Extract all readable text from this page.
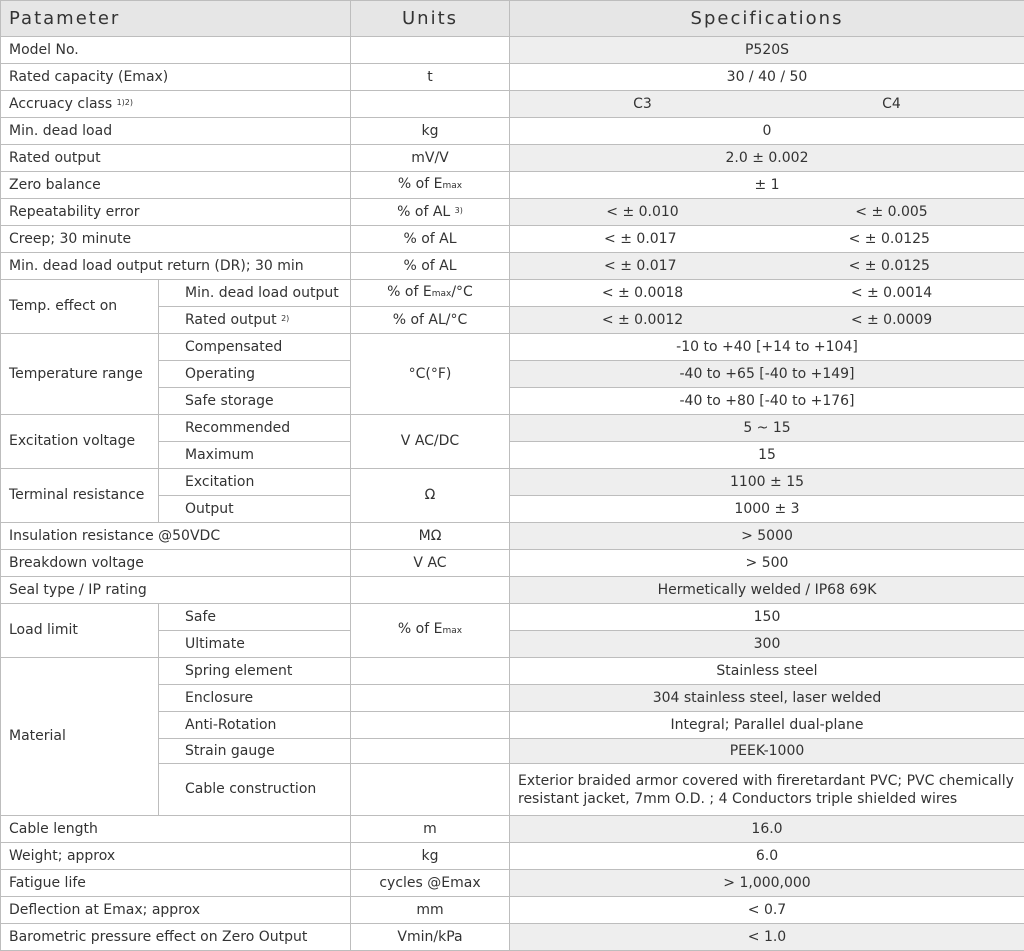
Patameter		Units	Specifications
Model No.			P520S
Rated capacity (Emax)		t	30 / 40 / 50
Accruacy class $^{1)2)}$			C3 C4

Min. dead load		kg	0
Rated output		mV/V	2.0 ± 0.002
Zero balance		% of Emax	± 1
Repeatability error		% of AL $^{3)}$	< ± 0.010 < ± 0.005

Creep; 30 minute		% of AL	< ± 0.017 < ± 0.0125

Min. dead load output return (DR); 30 min		% of AL	< ± 0.017 < ± 0.0125

Temp. effect on	Min. dead load output	% of Emax/°C	< ± 0.0018 < ± 0.0014

	Rated output $^{2)}$	% of AL/°C	< ± 0.0012 < ± 0.0009

Temperature range	Compensated	°C(°F)	-10 to +40 [+14 to +104]
	Operating		-40 to +65 [-40 to +149]
	Safe storage		-40 to +80 [-40 to +176]
Excitation voltage	Recommended	V AC/DC	5 ~ 15
	Maximum		15
Terminal resistance	Excitation	Ω	1100 ± 15
	Output		1000 ± 3
Insulation resistance @50VDC		MΩ	> 5000
Breakdown voltage		V AC	> 500
Seal type / IP rating			Hermetically welded / IP68 69K
Load limit	Safe	% of Emax	150
	Ultimate		300
Material	Spring element		Stainless steel
	Enclosure		304 stainless steel, laser welded
	Anti-Rotation		Integral; Parallel dual-plane
	Strain gauge		PEEK-1000
	Cable construction		Exterior braided armor covered with fireretardant PVC; PVC chemically resistant jacket, 7mm O.D. ; 4 Conductors triple shielded wires
Cable length		m	16.0
Weight; approx		kg	6.0
Fatigue life		cycles @Emax	> 1,000,000
Deflection at Emax; approx		mm	< 0.7
Barometric pressure effect on Zero Output		Vmin/kPa	< 1.0
